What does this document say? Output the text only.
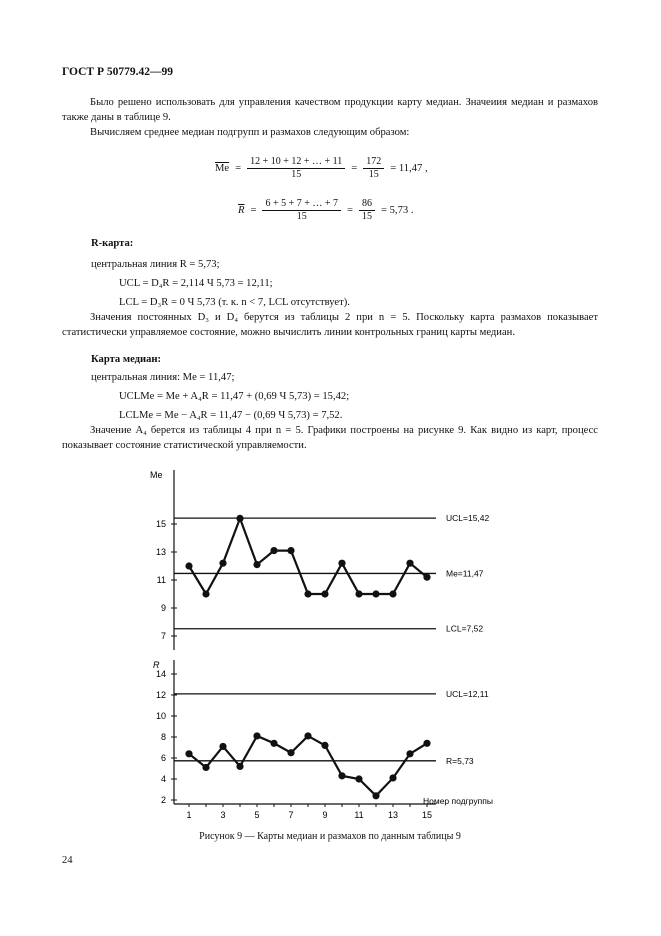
ГОСТ Р 50779.42—99
Было решено использовать для управления качеством продукции карту медиан. Значеиия медиан и размахов также даны в таблице 9.
Вычисляем среднее медиан подгрупп и размахов следующим образом:
$\overline{Me} = \frac{12 + 10 + 12 + \dots + 11}{15} = \frac{172}{15} = 11,47$ ,
$\overline{R} = \frac{6 + 5 + 7 + \dots + 7}{15} = \frac{86}{15} = 5,73$ .
R-карта:
центральная линия R = 5,73;
UCL = D₄R = 2,114 Ч 5,73 = 12,11;
LCL = D₃R = 0 Ч 5,73 (т. к. n < 7, LCL отсутствует).
Значения постоянных D₃ и D₄ берутся из таблицы 2 при n = 5. Поскольку карта размахов показывает статистически управляемое состояние, можно вычислить линии контрольных границ карты медиан.
Карта медиан:
центральная линия: Me = 11,47;
UCLMe = Me + A₄R = 11,47 + (0,69 Ч 5,73) = 15,42;
LCLMe = Me − A₄R = 11,47 − (0,69 Ч 5,73) = 7,52.
Значение A₄ берется из таблицы 4 при n = 5. Графики построены на рисунке 9. Как видно из карт, процесс показывает состояние статистической управляемости.
Me
7
9
11
13
15
UCL=15,42
Me=11,47
LCL=7,52
R
2
4
6
8
10
12
14
UCL=12,11
R=5,73
1	3	5	7	9	11	13	15
Номер подгруппы
Рисунок 9 — Карты медиан и размахов по данным таблицы 9
24
